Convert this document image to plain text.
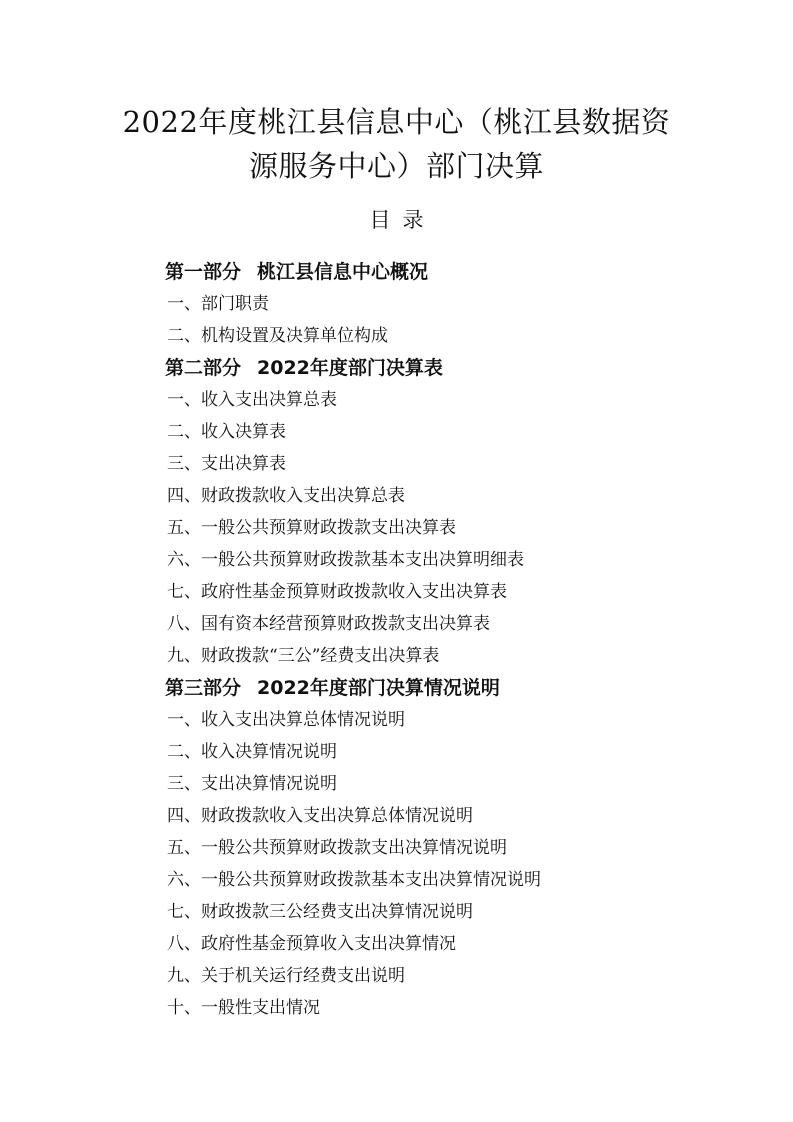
2022年度桃江县信息中心（桃江县数据资
源服务中心）部门决算
目 录
第一部分 桃江县信息中心概况
一、部门职责
二、机构设置及决算单位构成
第二部分 2022年度部门决算表
一、收入支出决算总表
二、收入决算表
三、支出决算表
四、财政拨款收入支出决算总表
五、一般公共预算财政拨款支出决算表
六、一般公共预算财政拨款基本支出决算明细表
七、政府性基金预算财政拨款收入支出决算表
八、国有资本经营预算财政拨款支出决算表
九、财政拨款“三公”经费支出决算表
第三部分 2022年度部门决算情况说明
一、收入支出决算总体情况说明
二、收入决算情况说明
三、支出决算情况说明
四、财政拨款收入支出决算总体情况说明
五、一般公共预算财政拨款支出决算情况说明
六、一般公共预算财政拨款基本支出决算情况说明
七、财政拨款三公经费支出决算情况说明
八、政府性基金预算收入支出决算情况
九、关于机关运行经费支出说明
十、一般性支出情况
